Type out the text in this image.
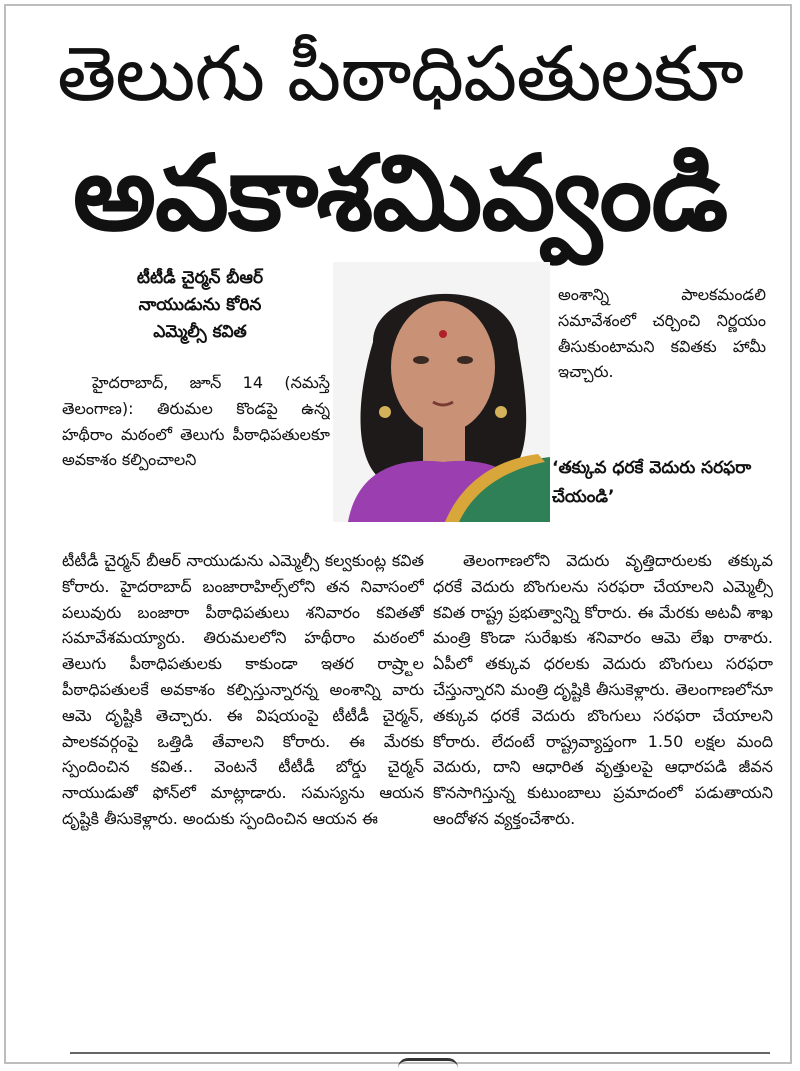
తెలుగు పీఠాధిపతులకూ
అవకాశమివ్వండి
టీటీడీ చైర్మన్ బీఆర్
నాయుడును కోరిన
ఎమ్మెల్సీ కవిత

హైదరాబాద్, జూన్ 14 (నమస్తే తెలంగాణ): తిరుమల కొండపై ఉన్న హథీరాం మఠంలో తెలుగు పీఠాధిపతులకూ అవకాశం కల్పించాలని

అంశాన్ని పాలకమండలి సమావేశంలో చర్చించి నిర్ణయం తీసుకుంటామని కవితకు హామీ ఇచ్చారు.

‘తక్కువ ధరకే వెదురు సరఫరా చేయండి’

టీటీడీ చైర్మన్ బీఆర్ నాయుడును ఎమ్మెల్సీ కల్వకుంట్ల కవిత కోరారు. హైదరాబాద్ బంజారాహిల్స్‌లోని తన నివాసంలో పలువురు బంజారా పీఠాధిపతులు శనివారం కవితతో సమావేశమయ్యారు. తిరుమలలోని హథీరాం మఠంలో తెలుగు పీఠాధిపతులకు కాకుండా ఇతర రాష్ర్టాల పీఠాధిపతులకే అవకాశం కల్పిస్తున్నారన్న అంశాన్ని వారు ఆమె దృష్టికి తెచ్చారు. ఈ విషయంపై టీటీడీ చైర్మన్, పాలకవర్గంపై ఒత్తిడి తేవాలని కోరారు. ఈ మేరకు స్పందించిన కవిత.. వెంటనే టీటీడీ బోర్డు చైర్మన్ నాయుడుతో ఫోన్‌లో మాట్లాడారు. సమస్యను ఆయన దృష్టికి తీసుకెళ్లారు. అందుకు స్పందించిన ఆయన ఈ

తెలంగాణలోని వెదురు వృత్తిదారులకు తక్కువ ధరకే వెదురు బొంగులను సరఫరా చేయాలని ఎమ్మెల్సీ కవిత రాష్ట్ర ప్రభుత్వాన్ని కోరారు. ఈ మేరకు అటవీ శాఖ మంత్రి కొండా సురేఖకు శనివారం ఆమె లేఖ రాశారు. ఏపీలో తక్కువ ధరలకు వెదురు బొంగులు సరఫరా చేస్తున్నారని మంత్రి దృష్టికి తీసుకెళ్లారు. తెలంగాణలోనూ తక్కువ ధరకే వెదురు బొంగులు సరఫరా చేయాలని కోరారు. లేదంటే రాష్ట్రవ్యాప్తంగా 1.50 లక్షల మంది వెదురు, దాని ఆధారిత వృత్తులపై ఆధారపడి జీవన కొనసాగిస్తున్న కుటుంబాలు ప్రమాదంలో పడుతాయని ఆందోళన వ్యక్తంచేశారు.
